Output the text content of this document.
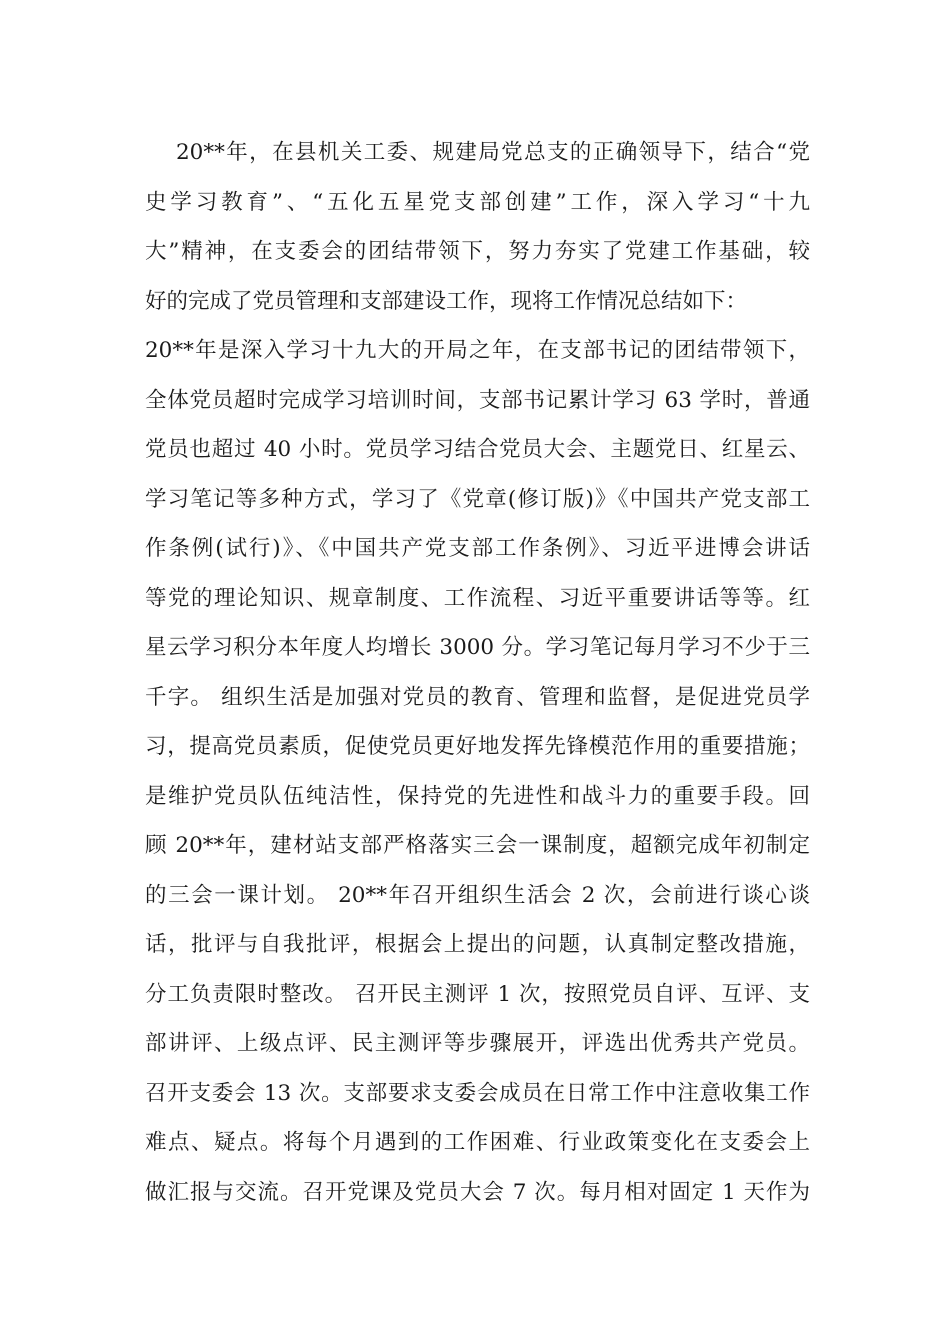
20**年，在县机关工委、规建局党总支的正确领导下，结合“党
史学习教育”、“五化五星党支部创建”工作，深入学习“十九
大”精神，在支委会的团结带领下，努力夯实了党建工作基础，较
好的完成了党员管理和支部建设工作，现将工作情况总结如下：
20**年是深入学习十九大的开局之年，在支部书记的团结带领下，
全体党员超时完成学习培训时间，支部书记累计学习 63 学时，普通
党员也超过 40 小时。党员学习结合党员大会、主题党日、红星云、
学习笔记等多种方式，学习了《党章(修订版)》《中国共产党支部工
作条例(试行)》、《中国共产党支部工作条例》、习近平进博会讲话
等党的理论知识、规章制度、工作流程、习近平重要讲话等等。红
星云学习积分本年度人均增长 3000 分。学习笔记每月学习不少于三
千字。 组织生活是加强对党员的教育、管理和监督，是促进党员学
习，提高党员素质，促使党员更好地发挥先锋模范作用的重要措施；
是维护党员队伍纯洁性，保持党的先进性和战斗力的重要手段。回
顾 20**年，建材站支部严格落实三会一课制度，超额完成年初制定
的三会一课计划。 20**年召开组织生活会 2 次，会前进行谈心谈
话，批评与自我批评，根据会上提出的问题，认真制定整改措施，
分工负责限时整改。 召开民主测评 1 次，按照党员自评、互评、支
部讲评、上级点评、民主测评等步骤展开，评选出优秀共产党员。
召开支委会 13 次。支部要求支委会成员在日常工作中注意收集工作
难点、疑点。将每个月遇到的工作困难、行业政策变化在支委会上
做汇报与交流。召开党课及党员大会 7 次。每月相对固定 1 天作为
